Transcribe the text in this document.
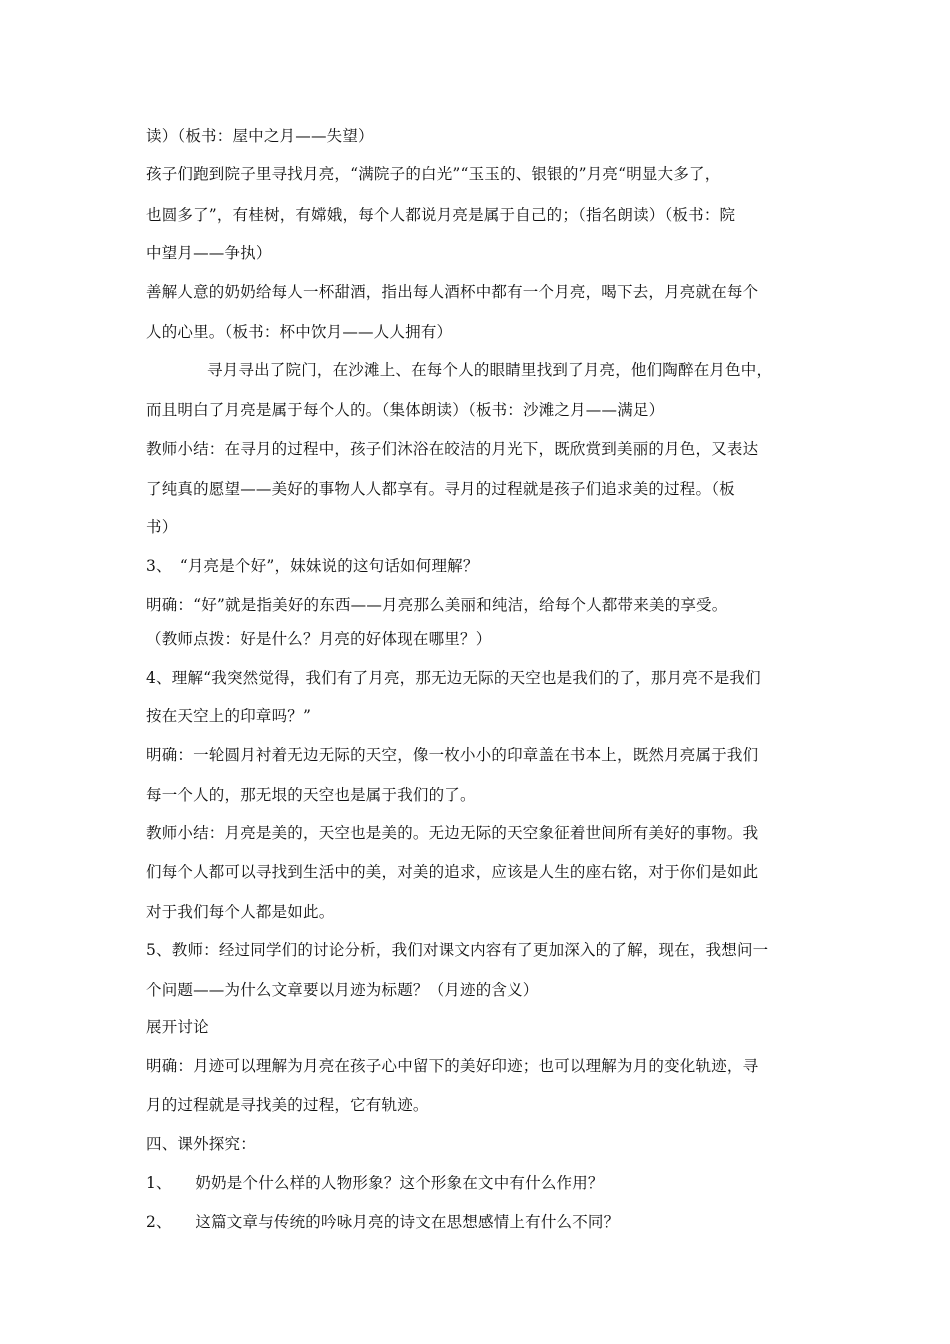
读）（板书：屋中之月——失望）
孩子们跑到院子里寻找月亮，“满院子的白光”“玉玉的、银银的”月亮“明显大多了，
也圆多了”，有桂树，有嫦娥，每个人都说月亮是属于自己的；（指名朗读）（板书：院
中望月——争执）
善解人意的奶奶给每人一杯甜酒，指出每人酒杯中都有一个月亮，喝下去，月亮就在每个
人的心里。（板书：杯中饮月——人人拥有）
寻月寻出了院门，在沙滩上、在每个人的眼睛里找到了月亮，他们陶醉在月色中，
而且明白了月亮是属于每个人的。（集体朗读）（板书：沙滩之月——满足）
教师小结：在寻月的过程中，孩子们沐浴在皎洁的月光下，既欣赏到美丽的月色，又表达
了纯真的愿望——美好的事物人人都享有。寻月的过程就是孩子们追求美的过程。（板
书）
3、　“月亮是个好”，妹妹说的这句话如何理解？
明确：“好”就是指美好的东西——月亮那么美丽和纯洁，给每个人都带来美的享受。
（教师点拨：好是什么？月亮的好体现在哪里？）
4、理解“我突然觉得，我们有了月亮，那无边无际的天空也是我们的了，那月亮不是我们
按在天空上的印章吗？”
明确：一轮圆月衬着无边无际的天空，像一枚小小的印章盖在书本上，既然月亮属于我们
每一个人的，那无垠的天空也是属于我们的了。
教师小结：月亮是美的，天空也是美的。无边无际的天空象征着世间所有美好的事物。我
们每个人都可以寻找到生活中的美，对美的追求，应该是人生的座右铭，对于你们是如此
对于我们每个人都是如此。
5、教师：经过同学们的讨论分析，我们对课文内容有了更加深入的了解，现在，我想问一
个问题——为什么文章要以月迹为标题？（月迹的含义）
展开讨论
明确：月迹可以理解为月亮在孩子心中留下的美好印迹；也可以理解为月的变化轨迹，寻
月的过程就是寻找美的过程，它有轨迹。
四、课外探究：
1、　　奶奶是个什么样的人物形象？这个形象在文中有什么作用？
2、　　这篇文章与传统的吟咏月亮的诗文在思想感情上有什么不同？
